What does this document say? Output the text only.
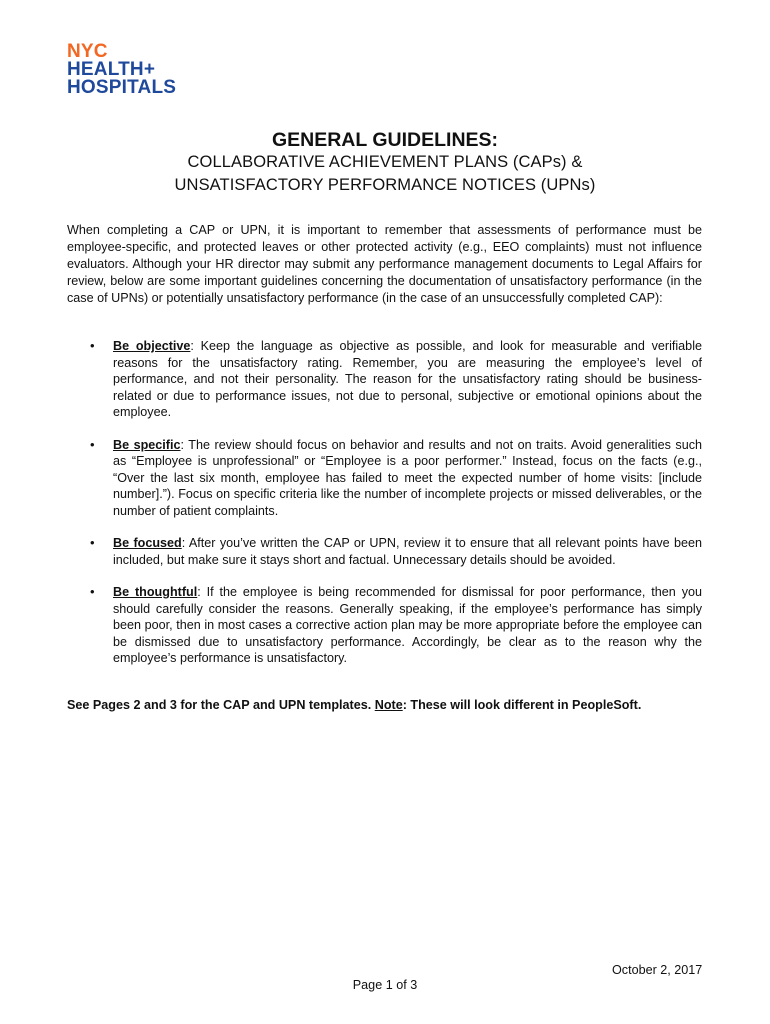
NYC
HEALTH+
HOSPITALS
GENERAL GUIDELINES:
COLLABORATIVE ACHIEVEMENT PLANS (CAPs) &
UNSATISFACTORY PERFORMANCE NOTICES (UPNs)

When completing a CAP or UPN, it is important to remember that assessments of performance must be employee-specific, and protected leaves or other protected activity (e.g., EEO complaints) must not influence evaluators. Although your HR director may submit any performance management documents to Legal Affairs for review, below are some important guidelines concerning the documentation of unsatisfactory performance (in the case of UPNs) or potentially unsatisfactory performance (in the case of an unsuccessfully completed CAP):

• Be objective: Keep the language as objective as possible, and look for measurable and verifiable reasons for the unsatisfactory rating. Remember, you are measuring the employee’s level of performance, and not their personality. The reason for the unsatisfactory rating should be business-related or due to performance issues, not due to personal, subjective or emotional opinions about the employee.
• Be specific: The review should focus on behavior and results and not on traits. Avoid generalities such as “Employee is unprofessional” or “Employee is a poor performer.” Instead, focus on the facts (e.g., “Over the last six month, employee has failed to meet the expected number of home visits: [include number].”). Focus on specific criteria like the number of incomplete projects or missed deliverables, or the number of patient complaints.
• Be focused: After you’ve written the CAP or UPN, review it to ensure that all relevant points have been included, but make sure it stays short and factual. Unnecessary details should be avoided.
• Be thoughtful: If the employee is being recommended for dismissal for poor performance, then you should carefully consider the reasons. Generally speaking, if the employee’s performance has simply been poor, then in most cases a corrective action plan may be more appropriate before the employee can be dismissed due to unsatisfactory performance. Accordingly, be clear as to the reason why the employee’s performance is unsatisfactory.
See Pages 2 and 3 for the CAP and UPN templates. Note: These will look different in PeopleSoft.
October 2, 2017
Page 1 of 3
